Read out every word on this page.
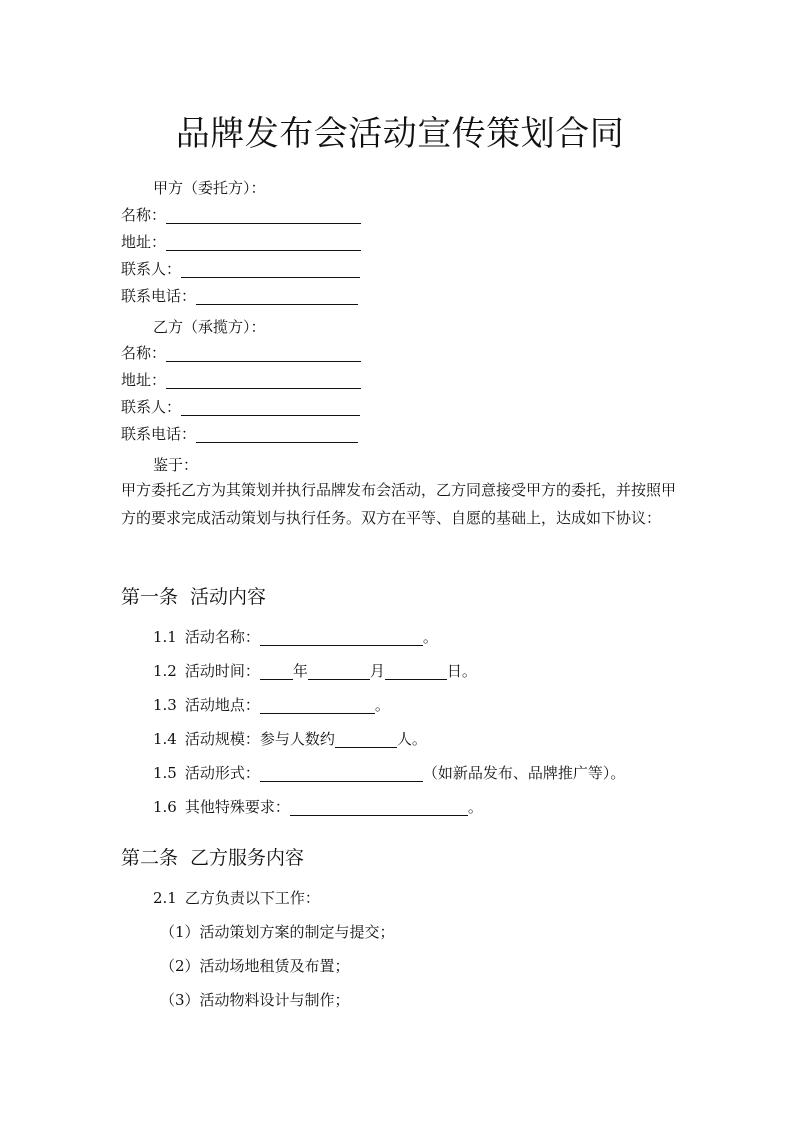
品牌发布会活动宣传策划合同
甲方（委托方）：
名称：
地址：
联系人：
联系电话：
乙方（承揽方）：
名称：
地址：
联系人：
联系电话：
鉴于：
甲方委托乙方为其策划并执行品牌发布会活动，乙方同意接受甲方的委托，并按照甲方的要求完成活动策划与执行任务。双方在平等、自愿的基础上，达成如下协议：
第一条 活动内容
1.1 活动名称：	。
1.2 活动时间： 年	月	日。
1.3 活动地点：	。
1.4 活动规模：参与人数约	人。
1.5 活动形式：	（如新品发布、品牌推广等）。
1.6 其他特殊要求：	。
第二条 乙方服务内容
2.1 乙方负责以下工作：
（1）活动策划方案的制定与提交；
（2）活动场地租赁及布置；
（3）活动物料设计与制作；
